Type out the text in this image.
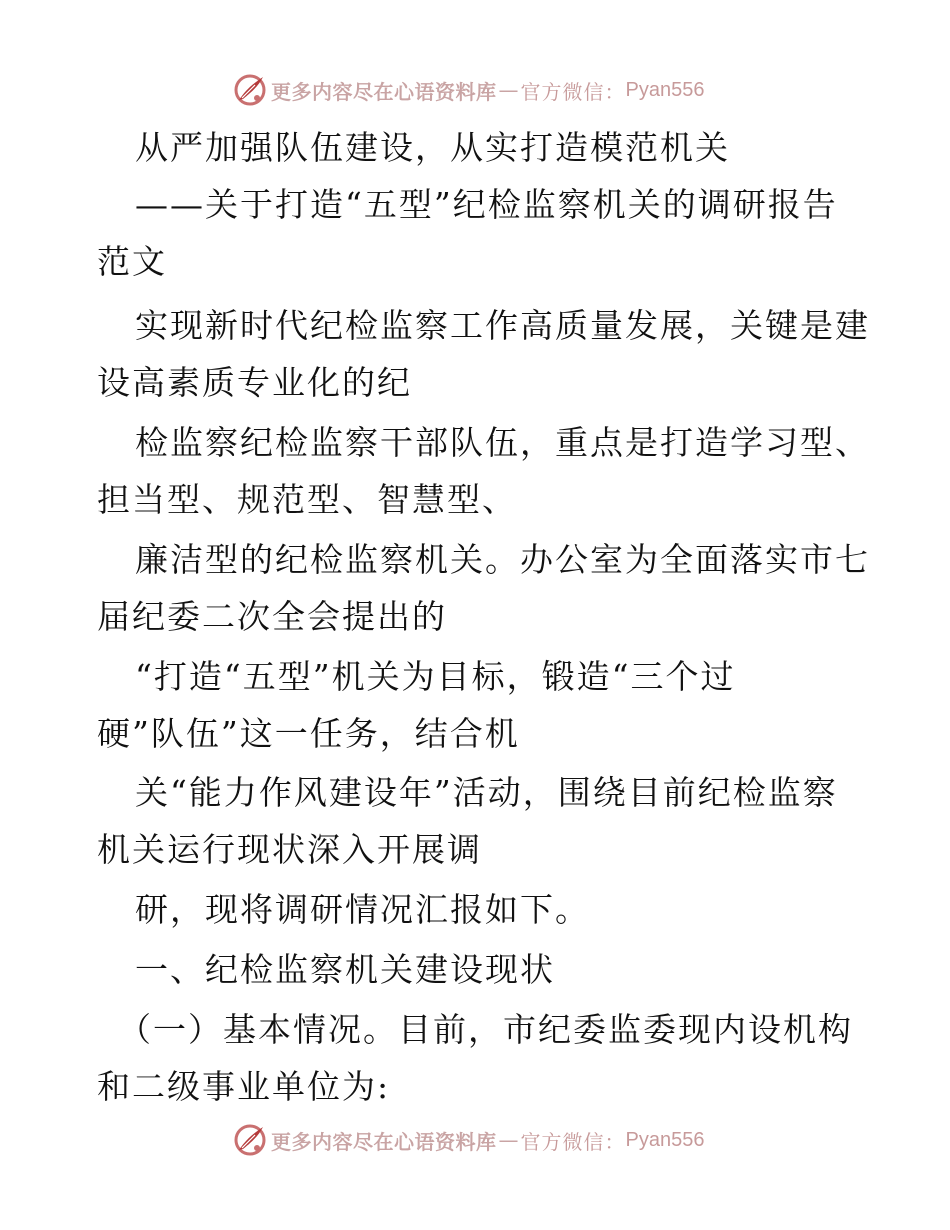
更多内容尽在心语资料库 — 官方微信： Pyan556
从严加强队伍建设，从实打造模范机关
——关于打造“五型”纪检监察机关的调研报告
范文
实现新时代纪检监察工作高质量发展，关键是建
设高素质专业化的纪
检监察纪检监察干部队伍，重点是打造学习型、
担当型、规范型、智慧型、
廉洁型的纪检监察机关。办公室为全面落实市七
届纪委二次全会提出的
“打造“五型”机关为目标，锻造“三个过
硬”队伍”这一任务，结合机
关“能力作风建设年”活动，围绕目前纪检监察
机关运行现状深入开展调
研，现将调研情况汇报如下。
一、纪检监察机关建设现状
（一）基本情况。目前，市纪委监委现内设机构
和二级事业单位为:
更多内容尽在心语资料库 — 官方微信： Pyan556
